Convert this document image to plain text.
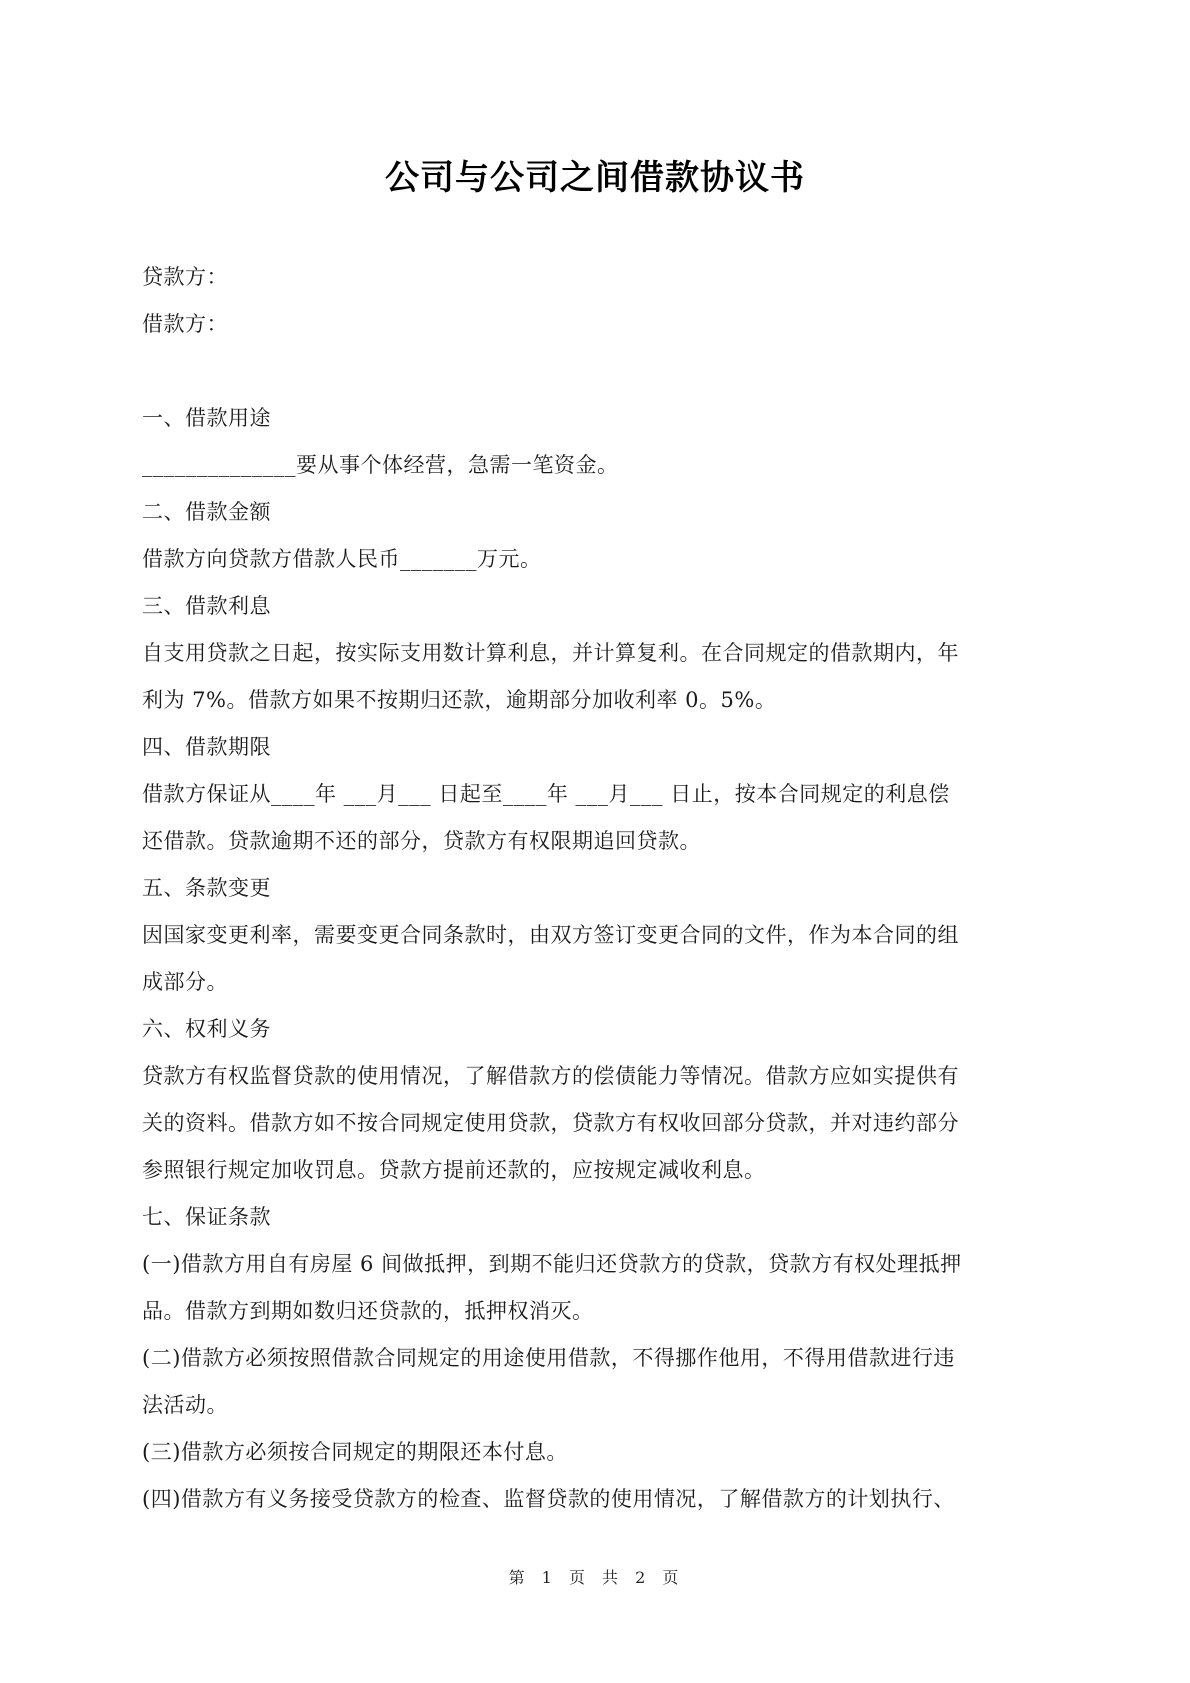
公司与公司之间借款协议书
贷款方：
借款方：
一、借款用途
______________要从事个体经营，急需一笔资金。
二、借款金额
借款方向贷款方借款人民币_______万元。
三、借款利息
自支用贷款之日起，按实际支用数计算利息，并计算复利。在合同规定的借款期内，年
利为 7%。借款方如果不按期归还款，逾期部分加收利率 0。5%。
四、借款期限
借款方保证从____年 ___月___ 日起至____年 ___月___ 日止，按本合同规定的利息偿
还借款。贷款逾期不还的部分，贷款方有权限期追回贷款。
五、条款变更
因国家变更利率，需要变更合同条款时，由双方签订变更合同的文件，作为本合同的组
成部分。
六、权利义务
贷款方有权监督贷款的使用情况，了解借款方的偿债能力等情况。借款方应如实提供有
关的资料。借款方如不按合同规定使用贷款，贷款方有权收回部分贷款，并对违约部分
参照银行规定加收罚息。贷款方提前还款的，应按规定减收利息。
七、保证条款
(一)借款方用自有房屋 6 间做抵押，到期不能归还贷款方的贷款，贷款方有权处理抵押
品。借款方到期如数归还贷款的，抵押权消灭。
(二)借款方必须按照借款合同规定的用途使用借款，不得挪作他用，不得用借款进行违
法活动。
(三)借款方必须按合同规定的期限还本付息。
(四)借款方有义务接受贷款方的检查、监督贷款的使用情况，了解借款方的计划执行、
第 1 页 共 2 页
